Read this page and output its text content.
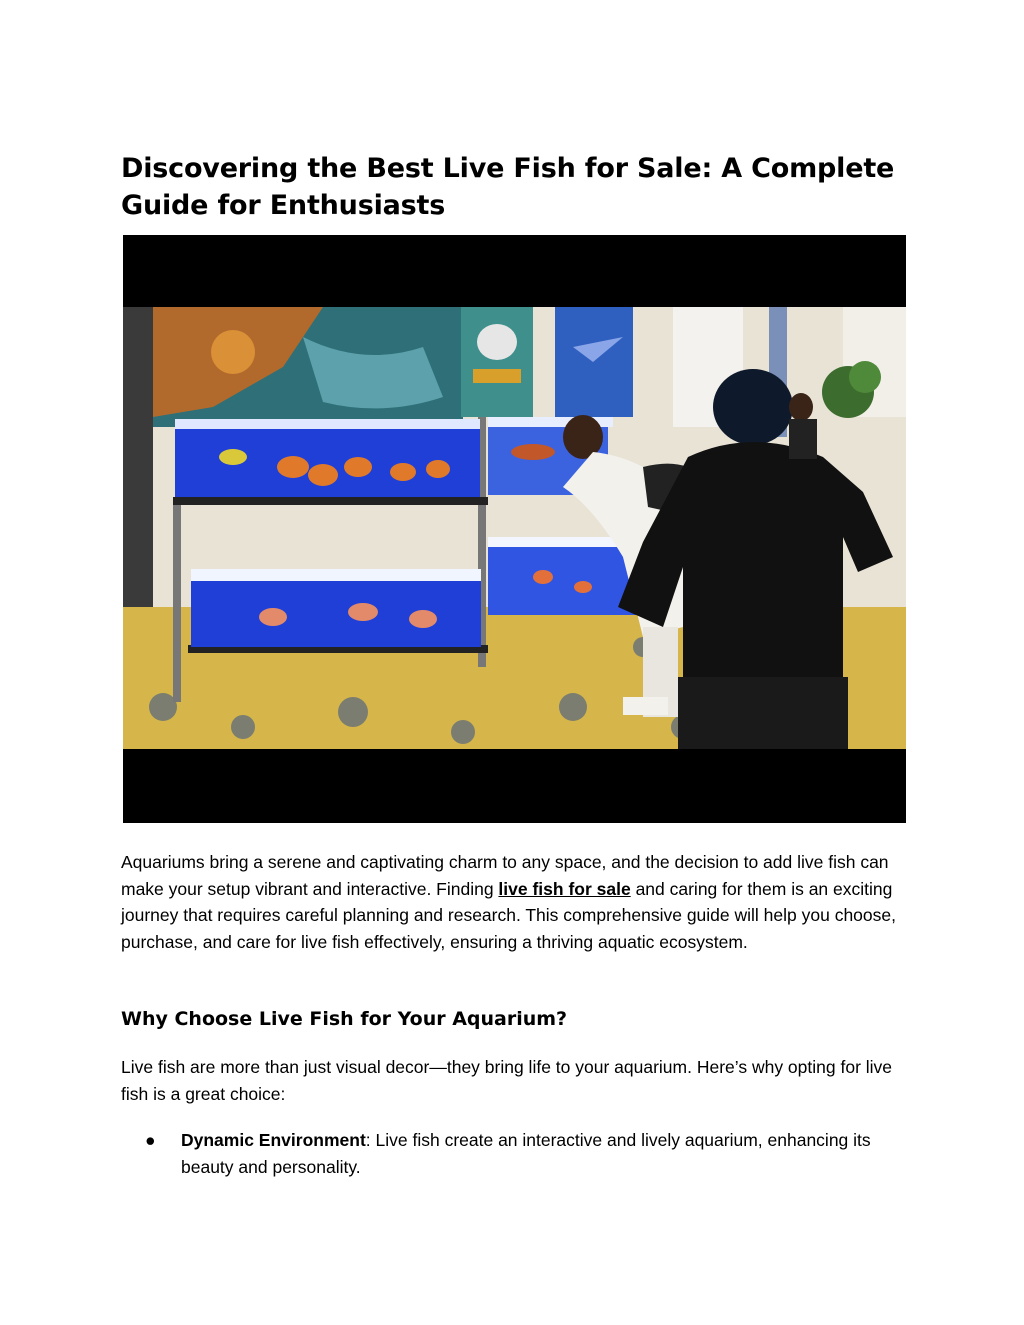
Discovering the Best Live Fish for Sale: A Complete Guide for Enthusiasts

Aquariums bring a serene and captivating charm to any space, and the decision to add live fish can make your setup vibrant and interactive. Finding live fish for sale and caring for them is an exciting journey that requires careful planning and research. This comprehensive guide will help you choose, purchase, and care for live fish effectively, ensuring a thriving aquatic ecosystem.

Why Choose Live Fish for Your Aquarium?

Live fish are more than just visual decor—they bring life to your aquarium. Here’s why opting for live fish is a great choice:

● Dynamic Environment: Live fish create an interactive and lively aquarium, enhancing its beauty and personality.
